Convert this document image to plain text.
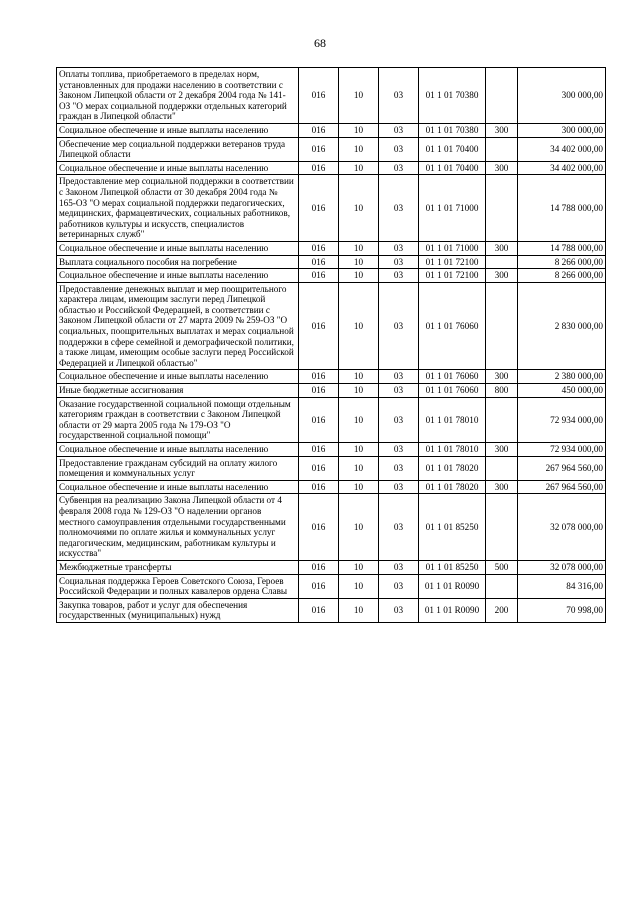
68
Оплаты топлива, приобретаемого в пределах норм, установленных для продажи населению в соответствии с Законом Липецкой области от 2 декабря 2004 года № 141-ОЗ "О мерах социальной поддержки отдельных категорий граждан в Липецкой области"	016	10	03	01 1 01 70380		300 000,00
Социальное обеспечение и иные выплаты населению	016	10	03	01 1 01 70380	300	300 000,00
Обеспечение мер социальной поддержки ветеранов труда Липецкой области	016	10	03	01 1 01 70400		34 402 000,00
Социальное обеспечение и иные выплаты населению	016	10	03	01 1 01 70400	300	34 402 000,00
Предоставление мер социальной поддержки в соответствии с Законом Липецкой области от 30 декабря 2004 года № 165-ОЗ "О мерах социальной поддержки педагогических, медицинских, фармацевтических, социальных работников, работников культуры и искусств, специалистов ветеринарных служб"	016	10	03	01 1 01 71000		14 788 000,00
Социальное обеспечение и иные выплаты населению	016	10	03	01 1 01 71000	300	14 788 000,00
Выплата социального пособия на погребение	016	10	03	01 1 01 72100		8 266 000,00
Социальное обеспечение и иные выплаты населению	016	10	03	01 1 01 72100	300	8 266 000,00
Предоставление денежных выплат и мер поощрительного характера лицам, имеющим заслуги перед Липецкой областью и Российской Федерацией, в соответствии с Законом Липецкой области от 27 марта 2009 № 259-ОЗ "О социальных, поощрительных выплатах и мерах социальной поддержки в сфере семейной и демографической политики, а также лицам, имеющим особые заслуги перед Российской Федерацией и Липецкой областью"	016	10	03	01 1 01 76060		2 830 000,00
Социальное обеспечение и иные выплаты населению	016	10	03	01 1 01 76060	300	2 380 000,00
Иные бюджетные ассигнования	016	10	03	01 1 01 76060	800	450 000,00
Оказание государственной социальной помощи отдельным категориям граждан в соответствии с Законом Липецкой области от 29 марта 2005 года № 179-ОЗ "О государственной социальной помощи"	016	10	03	01 1 01 78010		72 934 000,00
Социальное обеспечение и иные выплаты населению	016	10	03	01 1 01 78010	300	72 934 000,00
Предоставление гражданам субсидий на оплату жилого помещения и коммунальных услуг	016	10	03	01 1 01 78020		267 964 560,00
Социальное обеспечение и иные выплаты населению	016	10	03	01 1 01 78020	300	267 964 560,00
Субвенция на реализацию Закона Липецкой области от 4 февраля 2008 года № 129-ОЗ "О наделении органов местного самоуправления отдельными государственными полномочиями по оплате жилья и коммунальных услуг педагогическим, медицинским, работникам культуры и искусства"	016	10	03	01 1 01 85250		32 078 000,00
Межбюджетные трансферты	016	10	03	01 1 01 85250	500	32 078 000,00
Социальная поддержка Героев Советского Союза, Героев Российской Федерации и полных кавалеров ордена Славы	016	10	03	01 1 01 R0090		84 316,00
Закупка товаров, работ и услуг для обеспечения государственных (муниципальных) нужд	016	10	03	01 1 01 R0090	200	70 998,00
